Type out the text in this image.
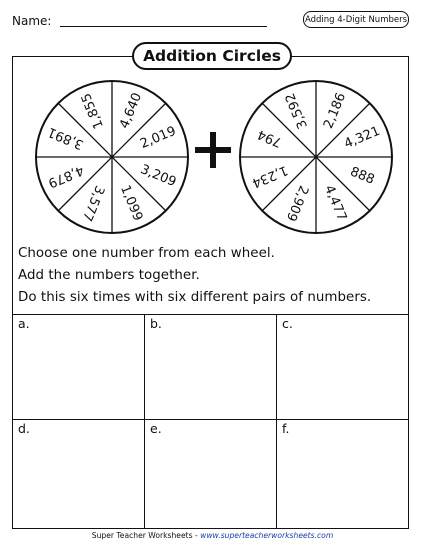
Name:	Adding 4-Digit Numbers
Addition Circles
4,640
2,019
3,209
1,099
3,577
4,879
3,891
1,855	2,186
4,321
888
4,477
2,909
1,234
794
3,592
Choose one number from each wheel.
Add the numbers together.
Do this six times with six different pairs of numbers.
a.	b.	c.
d.	e.	f.
Super Teacher Worksheets - www.superteacherworksheets.com
